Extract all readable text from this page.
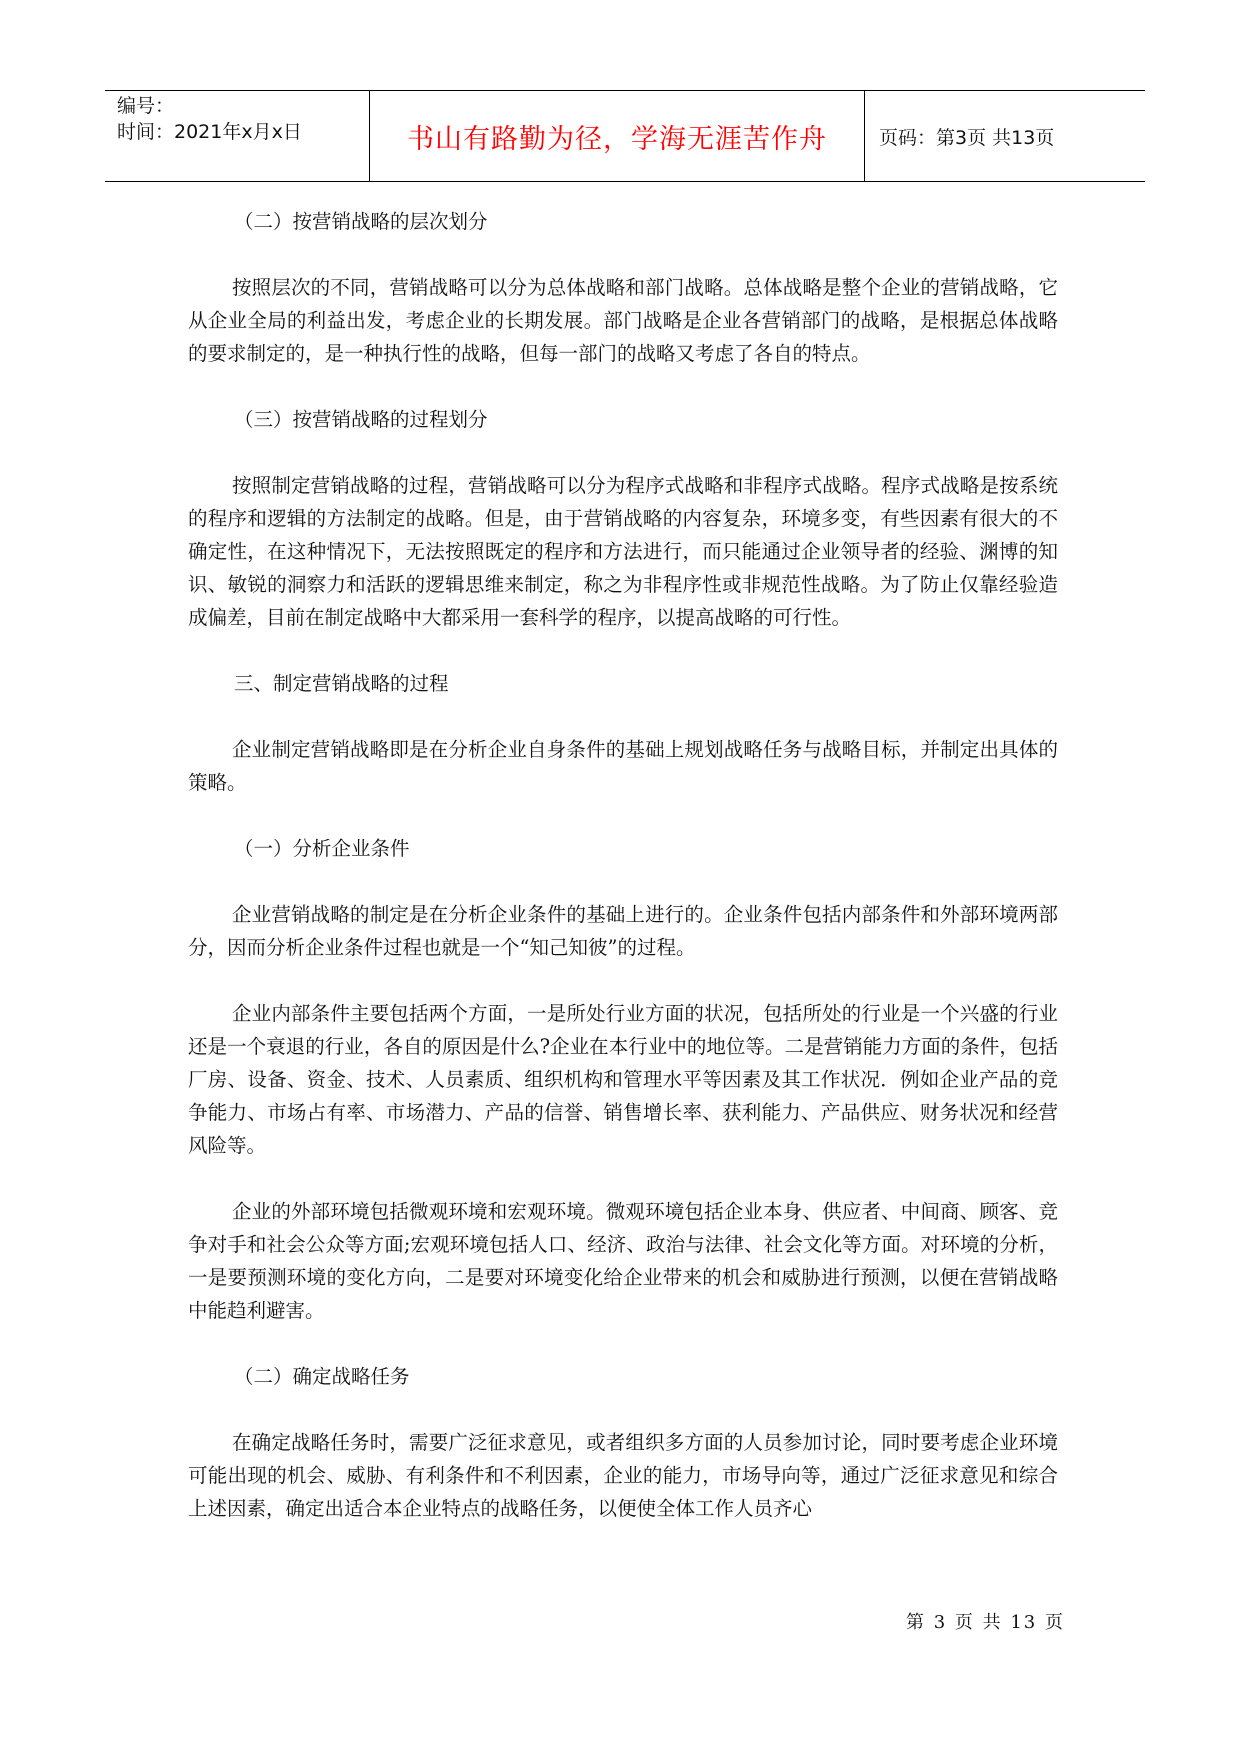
编号：
时间：2021年x月x日	书山有路勤为径，学海无涯苦作舟	页码：第3页 共13页

（二）按营销战略的层次划分

按照层次的不同，营销战略可以分为总体战略和部门战略。总体战略是整个企业的营销战略，它从企业全局的利益出发，考虑企业的长期发展。部门战略是企业各营销部门的战略，是根据总体战略的要求制定的，是一种执行性的战略，但每一部门的战略又考虑了各自的特点。

（三）按营销战略的过程划分

按照制定营销战略的过程，营销战略可以分为程序式战略和非程序式战略。程序式战略是按系统的程序和逻辑的方法制定的战略。但是，由于营销战略的内容复杂，环境多变，有些因素有很大的不确定性，在这种情况下，无法按照既定的程序和方法进行，而只能通过企业领导者的经验、渊博的知识、敏锐的洞察力和活跃的逻辑思维来制定，称之为非程序性或非规范性战略。为了防止仅靠经验造成偏差，目前在制定战略中大都采用一套科学的程序，以提高战略的可行性。

三、制定营销战略的过程

企业制定营销战略即是在分析企业自身条件的基础上规划战略任务与战略目标，并制定出具体的策略。

（一）分析企业条件

企业营销战略的制定是在分析企业条件的基础上进行的。企业条件包括内部条件和外部环境两部分，因而分析企业条件过程也就是一个“知己知彼”的过程。

企业内部条件主要包括两个方面，一是所处行业方面的状况，包括所处的行业是一个兴盛的行业还是一个衰退的行业，各自的原因是什么?企业在本行业中的地位等。二是营销能力方面的条件，包括厂房、设备、资金、技术、人员素质、组织机构和管理水平等因素及其工作状况．例如企业产品的竞争能力、市场占有率、市场潜力、产品的信誉、销售增长率、获利能力、产品供应、财务状况和经营风险等。

企业的外部环境包括微观环境和宏观环境。微观环境包括企业本身、供应者、中间商、顾客、竞争对手和社会公众等方面;宏观环境包括人口、经济、政治与法律、社会文化等方面。对环境的分析，一是要预测环境的变化方向，二是要对环境变化给企业带来的机会和威胁进行预测，以便在营销战略中能趋利避害。

（二）确定战略任务

在确定战略任务时，需要广泛征求意见，或者组织多方面的人员参加讨论，同时要考虑企业环境可能出现的机会、威胁、有利条件和不利因素，企业的能力，市场导向等，通过广泛征求意见和综合上述因素，确定出适合本企业特点的战略任务，以便使全体工作人员齐心

第 3 页 共 13 页
